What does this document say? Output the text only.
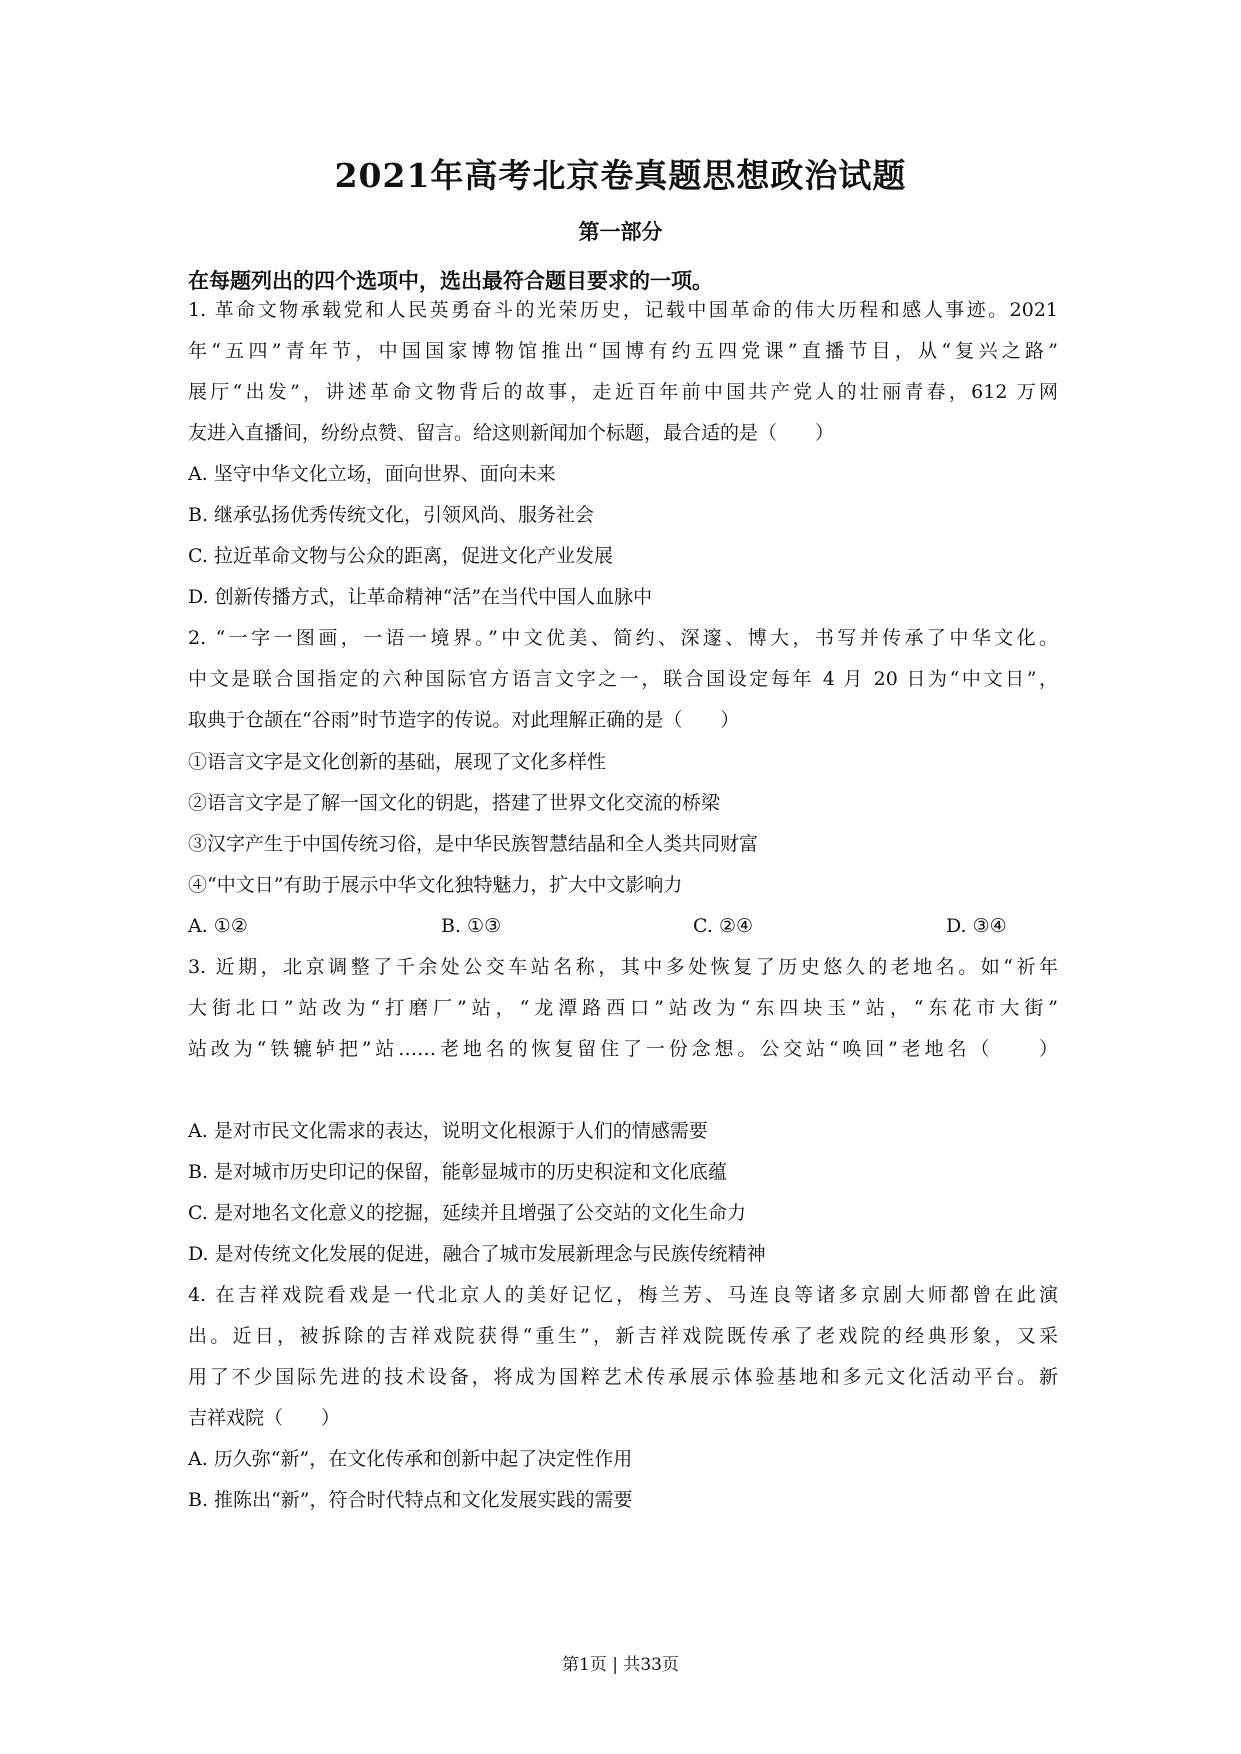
2021年高考北京卷真题思想政治试题
第一部分
在每题列出的四个选项中，选出最符合题目要求的一项。
1. 革命文物承载党和人民英勇奋斗的光荣历史，记载中国革命的伟大历程和感人事迹。2021
年“五四”青年节，中国国家博物馆推出“国博有约五四党课”直播节目，从“复兴之路”
展厅“出发”，讲述革命文物背后的故事，走近百年前中国共产党人的壮丽青春，612 万网
友进入直播间，纷纷点赞、留言。给这则新闻加个标题，最合适的是（　　）
A. 坚守中华文化立场，面向世界、面向未来
B. 继承弘扬优秀传统文化，引领风尚、服务社会
C. 拉近革命文物与公众的距离，促进文化产业发展
D. 创新传播方式，让革命精神“活”在当代中国人血脉中
2. “一字一图画，一语一境界。”中文优美、简约、深邃、博大，书写并传承了中华文化。
中文是联合国指定的六种国际官方语言文字之一，联合国设定每年 4 月 20 日为“中文日”，
取典于仓颉在“谷雨”时节造字的传说。对此理解正确的是（　　）
①语言文字是文化创新的基础，展现了文化多样性
②语言文字是了解一国文化的钥匙，搭建了世界文化交流的桥梁
③汉字产生于中国传统习俗，是中华民族智慧结晶和全人类共同财富
④“中文日”有助于展示中华文化独特魅力，扩大中文影响力
A. ①②	B. ①③	C. ②④	D. ③④
3. 近期，北京调整了千余处公交车站名称，其中多处恢复了历史悠久的老地名。如“祈年
大街北口”站改为“打磨厂”站，“龙潭路西口”站改为“东四块玉”站，“东花市大街”
站改为“铁辘轳把”站……老地名的恢复留住了一份念想。公交站“唤回”老地名（　　）
A. 是对市民文化需求的表达，说明文化根源于人们的情感需要
B. 是对城市历史印记的保留，能彰显城市的历史积淀和文化底蕴
C. 是对地名文化意义的挖掘，延续并且增强了公交站的文化生命力
D. 是对传统文化发展的促进，融合了城市发展新理念与民族传统精神
4. 在吉祥戏院看戏是一代北京人的美好记忆，梅兰芳、马连良等诸多京剧大师都曾在此演
出。近日，被拆除的吉祥戏院获得“重生”，新吉祥戏院既传承了老戏院的经典形象，又采
用了不少国际先进的技术设备，将成为国粹艺术传承展示体验基地和多元文化活动平台。新
吉祥戏院（　　）
A. 历久弥“新”，在文化传承和创新中起了决定性作用
B. 推陈出“新”，符合时代特点和文化发展实践的需要
第1页 | 共33页
